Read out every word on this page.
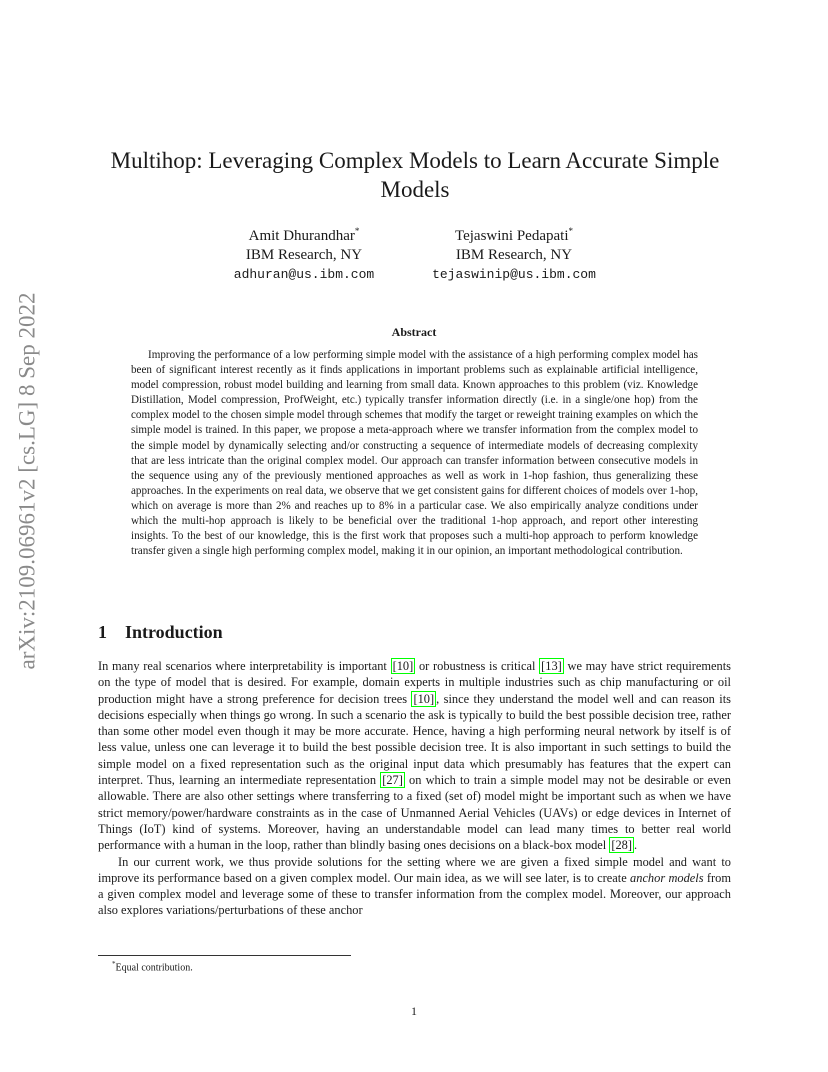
arXiv:2109.06961v2 [cs.LG] 8 Sep 2022
Multihop: Leveraging Complex Models to Learn Accurate Simple Models
Amit Dhurandhar*
IBM Research, NY
adhuran@us.ibm.com
Tejaswini Pedapati*
IBM Research, NY
tejaswinip@us.ibm.com
Abstract

Improving the performance of a low performing simple model with the assistance of a high performing complex model has been of significant interest recently as it finds applications in important problems such as explainable artificial intelligence, model compression, robust model building and learning from small data. Known approaches to this problem (viz. Knowledge Distillation, Model compression, ProfWeight, etc.) typically transfer information directly (i.e. in a single/one hop) from the complex model to the chosen simple model through schemes that modify the target or reweight training examples on which the simple model is trained. In this paper, we propose a meta-approach where we transfer information from the complex model to the simple model by dynamically selecting and/or constructing a sequence of intermediate models of decreasing complexity that are less intricate than the original complex model. Our approach can transfer information between consecutive models in the sequence using any of the previously mentioned approaches as well as work in 1-hop fashion, thus generalizing these approaches. In the experiments on real data, we observe that we get consistent gains for different choices of models over 1-hop, which on average is more than 2% and reaches up to 8% in a particular case. We also empirically analyze conditions under which the multi-hop approach is likely to be beneficial over the traditional 1-hop approach, and report other interesting insights. To the best of our knowledge, this is the first work that proposes such a multi-hop approach to perform knowledge transfer given a single high performing complex model, making it in our opinion, an important methodological contribution.

1 Introduction

In many real scenarios where interpretability is important [10] or robustness is critical [13] we may have strict requirements on the type of model that is desired. For example, domain experts in multiple industries such as chip manufacturing or oil production might have a strong preference for decision trees [10] , since they understand the model well and can reason its decisions especially when things go wrong. In such a scenario the ask is typically to build the best possible decision tree, rather than some other model even though it may be more accurate. Hence, having a high performing neural network by itself is of less value, unless one can leverage it to build the best possible decision tree. It is also important in such settings to build the simple model on a fixed representation such as the original input data which presumably has features that the expert can interpret. Thus, learning an intermediate representation [27] on which to train a simple model may not be desirable or even allowable. There are also other settings where transferring to a fixed (set of) model might be important such as when we have strict memory/power/hardware constraints as in the case of Unmanned Aerial Vehicles (UAVs) or edge devices in Internet of Things (IoT) kind of systems. Moreover, having an understandable model can lead many times to better real world performance with a human in the loop, rather than blindly basing ones decisions on a black-box model [28] .

In our current work, we thus provide solutions for the setting where we are given a fixed simple model and want to improve its performance based on a given complex model. Our main idea, as we will see later, is to create anchor models from a given complex model and leverage some of these to transfer information from the complex model. Moreover, our approach also explores variations/perturbations of these anchor

*Equal contribution.
1
